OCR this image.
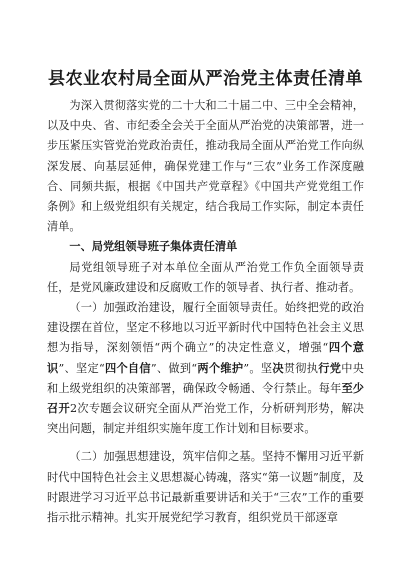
县农业农村局全面从严治党主体责任清单

为深入贯彻落实党的二十大和二十届二中、三中全会精神，以及中央、省、市纪委全会关于全面从严治党的决策部署，进一步压紧压实管党治党政治责任，推动我局全面从严治党工作向纵深发展、向基层延伸，确保党建工作与“三农”业务工作深度融合、同频共振，根据《中国共产党章程》《中国共产党党组工作条例》和上级党组织有关规定，结合我局工作实际，制定本责任清单。

一、局党组领导班子集体责任清单

局党组领导班子对本单位全面从严治党工作负全面领导责任，是党风廉政建设和反腐败工作的领导者、执行者、推动者。

（一）加强政治建设，履行全面领导责任。始终把党的政治建设摆在首位，坚定不移地以习近平新时代中国特色社会主义思想为指导，深刻领悟“两个确立”的决定性意义，增强“四个意识”、坚定“四个自信”、做到“两个维护”。坚决贯彻执行党中央和上级党组织的决策部署，确保政令畅通、令行禁止。每年至少召开2次专题会议研究全面从严治党工作，分析研判形势，解决突出问题，制定并组织实施年度工作计划和目标要求。

（二）加强思想建设，筑牢信仰之基。坚持不懈用习近平新时代中国特色社会主义思想凝心铸魂，落实“第一议题”制度，及时跟进学习习近平总书记最新重要讲话和关于“三农”工作的重要指示批示精神。扎实开展党纪学习教育，组织党员干部逐章
